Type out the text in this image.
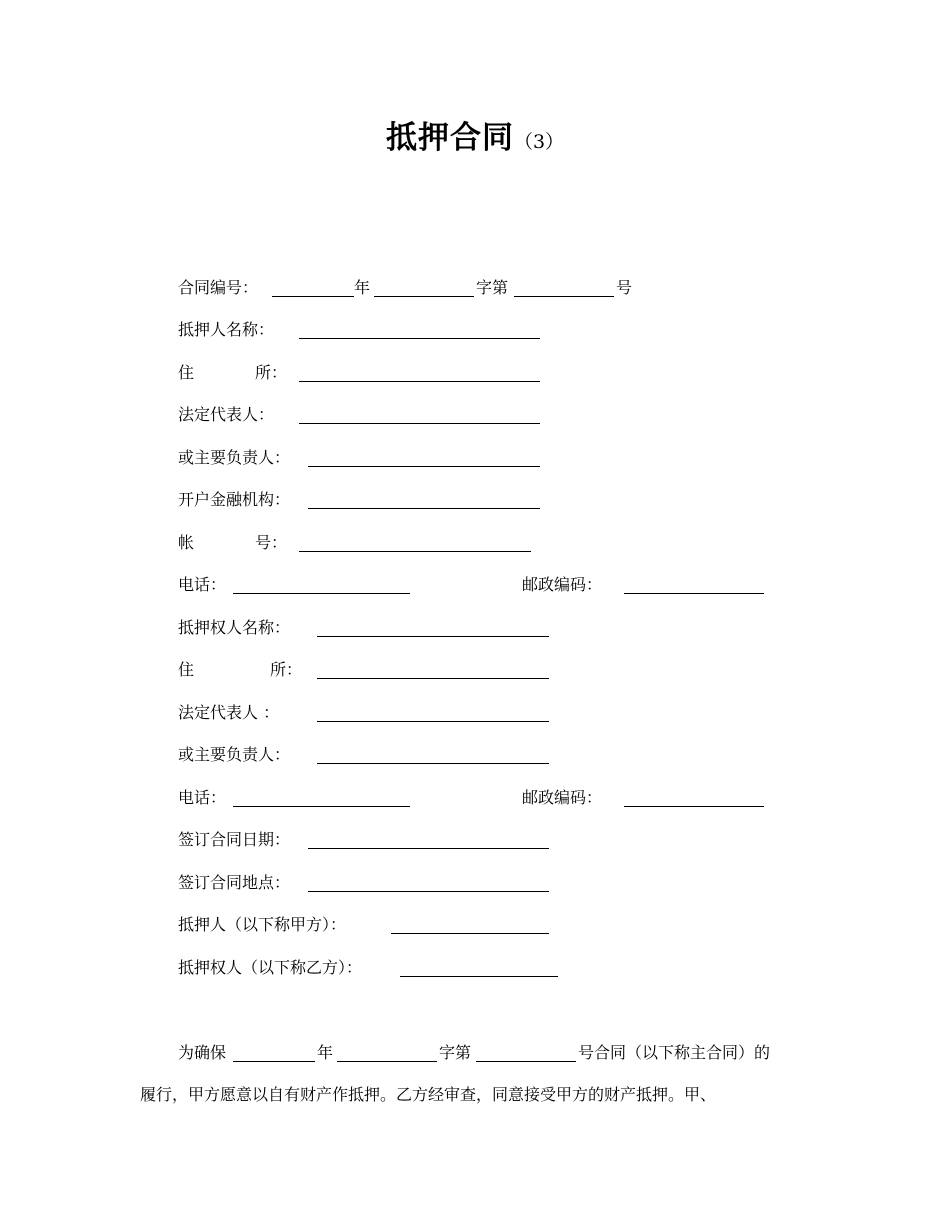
抵押合同（3）
合同编号：	年	字第	号
抵押人名称：
住	所：
法定代表人：
或主要负责人：
开户金融机构：
帐	号：
电话：	邮政编码：
抵押权人名称：
住	所：
法定代表人 ：
或主要负责人：
电话：	邮政编码：
签订合同日期：
签订合同地点：
抵押人（以下称甲方）：
抵押权人（以下称乙方）：
为确保	年	字第	号合同（以下称主合同）的
履行，甲方愿意以自有财产作抵押。乙方经审查，同意接受甲方的财产抵押。甲、
